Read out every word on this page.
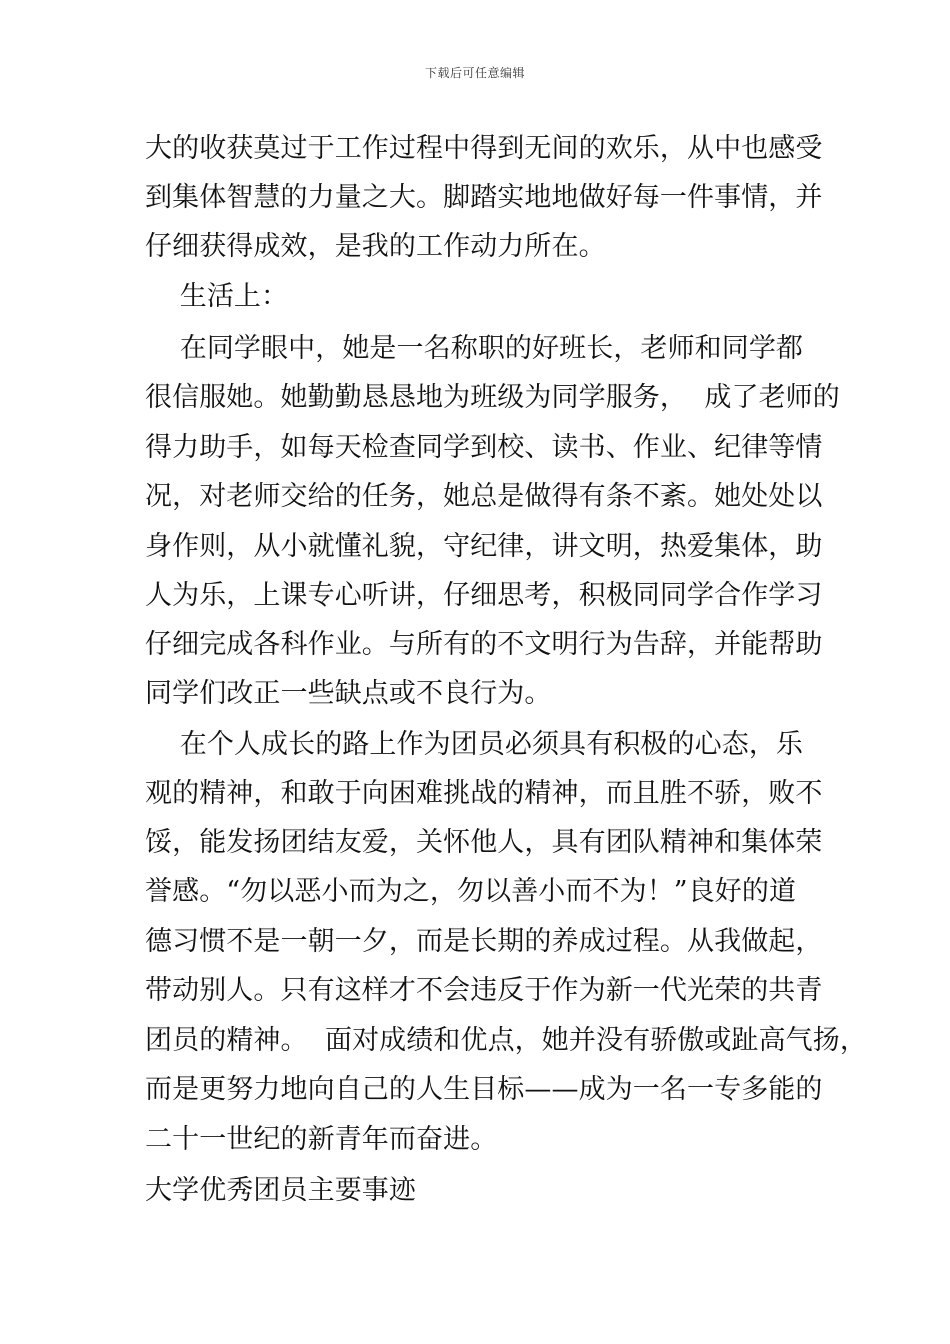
下载后可任意编辑
大的收获莫过于工作过程中得到无间的欢乐，从中也感受
到集体智慧的力量之大。脚踏实地地做好每一件事情，并
仔细获得成效，是我的工作动力所在。
生活上：
在同学眼中，她是一名称职的好班长，老师和同学都
很信服她。她勤勤恳恳地为班级为同学服务，  成了老师的
得力助手，如每天检查同学到校、读书、作业、纪律等情
况，对老师交给的任务，她总是做得有条不紊。她处处以
身作则，从小就懂礼貌，守纪律，讲文明，热爱集体，助
人为乐，上课专心听讲，仔细思考，积极同同学合作学习
仔细完成各科作业。与所有的不文明行为告辞，并能帮助
同学们改正一些缺点或不良行为。
在个人成长的路上作为团员必须具有积极的心态，乐
观的精神，和敢于向困难挑战的精神，而且胜不骄，败不
馁，能发扬团结友爱，关怀他人，具有团队精神和集体荣
誉感。“勿以恶小而为之，勿以善小而不为！”良好的道
德习惯不是一朝一夕，而是长期的养成过程。从我做起，
带动别人。只有这样才不会违反于作为新一代光荣的共青
团员的精神。  面对成绩和优点，她并没有骄傲或趾高气扬，
而是更努力地向自己的人生目标——成为一名一专多能的
二十一世纪的新青年而奋进。
大学优秀团员主要事迹
